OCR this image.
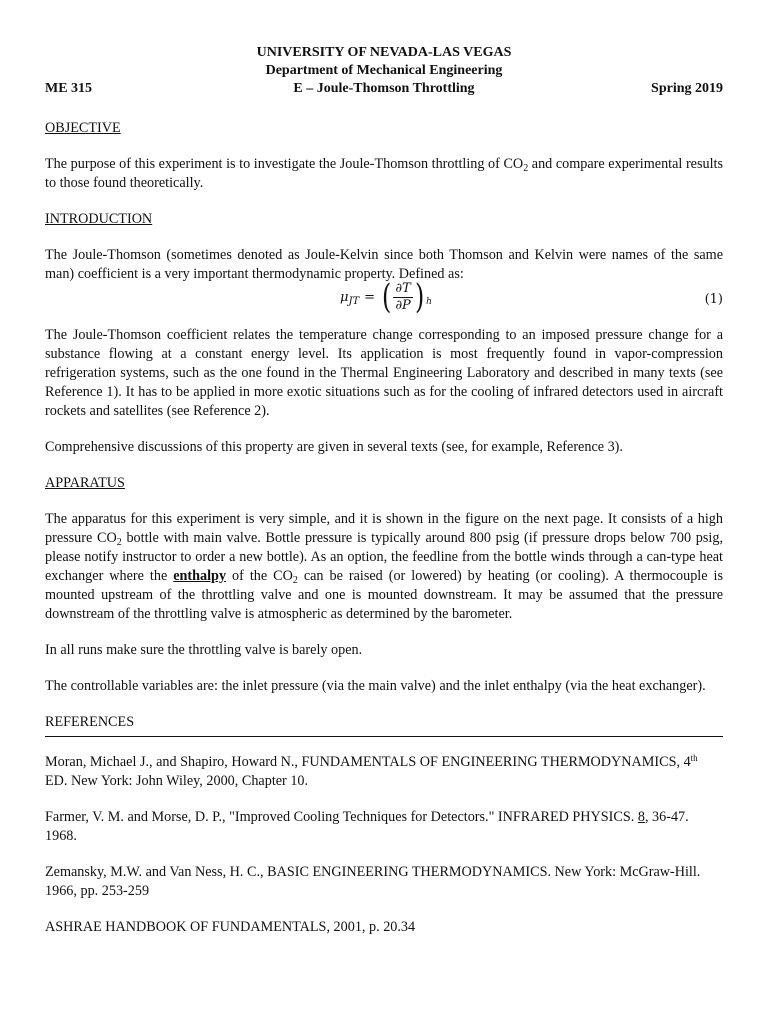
UNIVERSITY OF NEVADA-LAS VEGAS
Department of Mechanical Engineering
E – Joule-Thomson Throttling
ME 315	Spring 2019
OBJECTIVE

The purpose of this experiment is to investigate the Joule-Thomson throttling of $CO_2$ and compare experimental results to those found theoretically.

INTRODUCTION

The Joule-Thomson (sometimes denoted as Joule-Kelvin since both Thomson and Kelvin were names of the same man) coefficient is a very important thermodynamic property. Defined as:

$\mu_{JT}$ = ( $\frac{\partial T}{\partial P}$ ) h	(1)

The Joule-Thomson coefficient relates the temperature change corresponding to an imposed pressure change for a substance flowing at a constant energy level. Its application is most frequently found in vapor-compression refrigeration systems, such as the one found in the Thermal Engineering Laboratory and described in many texts (see Reference 1). It has to be applied in more exotic situations such as for the cooling of infrared detectors used in aircraft rockets and satellites (see Reference 2).

Comprehensive discussions of this property are given in several texts (see, for example, Reference 3).

APPARATUS

The apparatus for this experiment is very simple, and it is shown in the figure on the next page. It consists of a high pressure $CO_2$ bottle with main valve. Bottle pressure is typically around 800 psig (if pressure drops below 700 psig, please notify instructor to order a new bottle). As an option, the feedline from the bottle winds through a can-type heat exchanger where the enthalpy of the $CO_2$ can be raised (or lowered) by heating (or cooling). A thermocouple is mounted upstream of the throttling valve and one is mounted downstream. It may be assumed that the pressure downstream of the throttling valve is atmospheric as determined by the barometer.

In all runs make sure the throttling valve is barely open.

The controllable variables are: the inlet pressure (via the main valve) and the inlet enthalpy (via the heat exchanger).

REFERENCES

Moran, Michael J., and Shapiro, Howard N., FUNDAMENTALS OF ENGINEERING THERMODYNAMICS, 4th ED. New York: John Wiley, 2000, Chapter 10.

Farmer, V. M. and Morse, D. P., "Improved Cooling Techniques for Detectors." INFRARED PHYSICS. 8, 36-47. 1968.

Zemansky, M.W. and Van Ness, H. C., BASIC ENGINEERING THERMODYNAMICS. New York: McGraw-Hill. 1966, pp. 253-259

ASHRAE HANDBOOK OF FUNDAMENTALS, 2001, p. 20.34
